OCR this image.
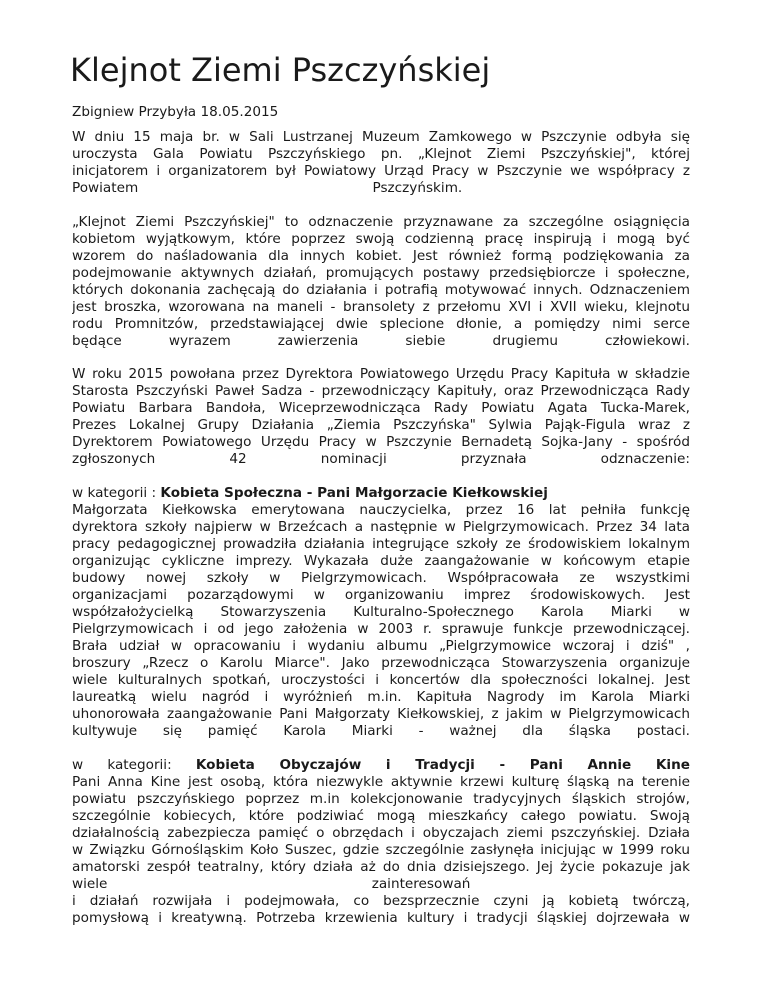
Klejnot Ziemi Pszczyńskiej
Zbigniew Przybyła 18.05.2015
W dniu 15 maja br. w Sali Lustrzanej Muzeum Zamkowego w Pszczynie odbyła się
uroczysta Gala Powiatu Pszczyńskiego pn. „Klejnot Ziemi Pszczyńskiej", której
inicjatorem i organizatorem był Powiatowy Urząd Pracy w Pszczynie we współpracy z
Powiatem Pszczyńskim.
„Klejnot Ziemi Pszczyńskiej" to odznaczenie przyznawane za szczególne osiągnięcia
kobietom wyjątkowym, które poprzez swoją codzienną pracę inspirują i mogą być
wzorem do naśladowania dla innych kobiet. Jest również formą podziękowania za
podejmowanie aktywnych działań, promujących postawy przedsiębiorcze i społeczne,
których dokonania zachęcają do działania i potrafią motywować innych. Odznaczeniem
jest broszka, wzorowana na maneli - bransolety z przełomu XVI i XVII wieku, klejnotu
rodu Promnitzów, przedstawiającej dwie splecione dłonie, a pomiędzy nimi serce
będące wyrazem zawierzenia siebie drugiemu człowiekowi.
W roku 2015 powołana przez Dyrektora Powiatowego Urzędu Pracy Kapituła w składzie
Starosta Pszczyński Paweł Sadza - przewodniczący Kapituły, oraz Przewodnicząca Rady
Powiatu Barbara Bandoła, Wiceprzewodnicząca Rady Powiatu Agata Tucka-Marek,
Prezes Lokalnej Grupy Działania „Ziemia Pszczyńska" Sylwia Pająk-Figula wraz z
Dyrektorem Powiatowego Urzędu Pracy w Pszczynie Bernadetą Sojka-Jany - spośród
zgłoszonych 42 nominacji przyznała odznaczenie:
w kategorii : Kobieta Społeczna - Pani Małgorzacie Kiełkowskiej
Małgorzata Kiełkowska emerytowana nauczycielka, przez 16 lat pełniła funkcję
dyrektora szkoły najpierw w Brzeźcach a następnie w Pielgrzymowicach. Przez 34 lata
pracy pedagogicznej prowadziła działania integrujące szkoły ze środowiskiem lokalnym
organizując cykliczne imprezy. Wykazała duże zaangażowanie w końcowym etapie
budowy nowej szkoły w Pielgrzymowicach. Współpracowała ze wszystkimi
organizacjami pozarządowymi w organizowaniu imprez środowiskowych. Jest
współzałożycielką Stowarzyszenia Kulturalno-Społecznego Karola Miarki w
Pielgrzymowicach i od jego założenia w 2003 r. sprawuje funkcje przewodniczącej.
Brała udział w opracowaniu i wydaniu albumu „Pielgrzymowice wczoraj i dziś" ,
broszury „Rzecz o Karolu Miarce". Jako przewodnicząca Stowarzyszenia organizuje
wiele kulturalnych spotkań, uroczystości i koncertów dla społeczności lokalnej. Jest
laureatką wielu nagród i wyróżnień m.in. Kapituła Nagrody im Karola Miarki
uhonorowała zaangażowanie Pani Małgorzaty Kiełkowskiej, z jakim w Pielgrzymowicach
kultywuje się pamięć Karola Miarki - ważnej dla śląska postaci.
w kategorii: Kobieta Obyczajów i Tradycji - Pani Annie Kine
Pani Anna Kine jest osobą, która niezwykle aktywnie krzewi kulturę śląską na terenie
powiatu pszczyńskiego poprzez m.in kolekcjonowanie tradycyjnych śląskich strojów,
szczególnie kobiecych, które podziwiać mogą mieszkańcy całego powiatu. Swoją
działalnością zabezpiecza pamięć o obrzędach i obyczajach ziemi pszczyńskiej. Działa
w Związku Górnośląskim Koło Suszec, gdzie szczególnie zasłynęła inicjując w 1999 roku
amatorski zespół teatralny, który działa aż do dnia dzisiejszego. Jej życie pokazuje jak
wiele zainteresowań
i działań rozwijała i podejmowała, co bezsprzecznie czyni ją kobietą twórczą,
pomysłową i kreatywną. Potrzeba krzewienia kultury i tradycji śląskiej dojrzewała w
